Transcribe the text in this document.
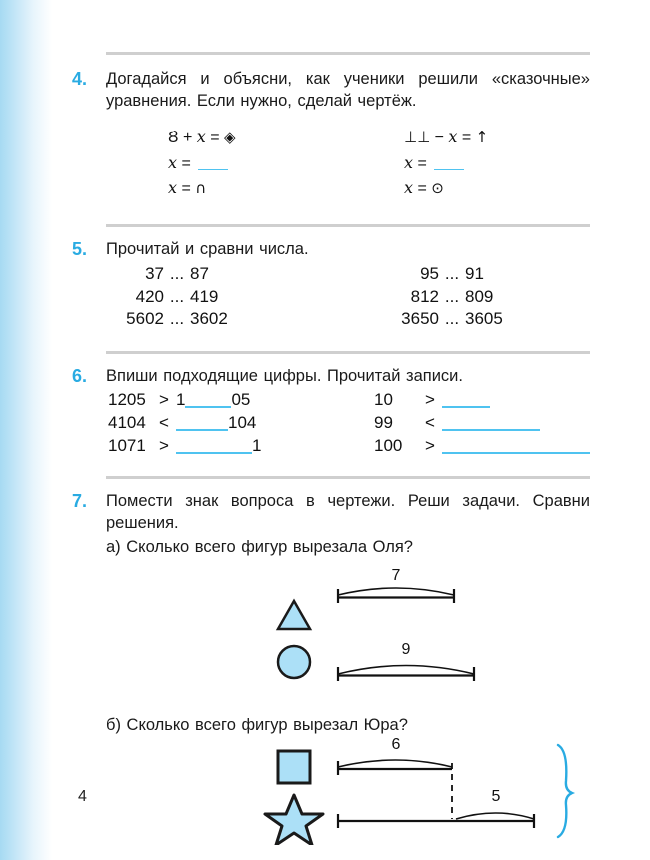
4. Догадайся и объясни, как ученики решили «сказочные» уравнения. Если нужно, сделай чертёж.
Ȣ + x = ◈
x =
x = ∩
⊥⊥ − x = ↑
x =
x = ⊙
5. Прочитай и сравни числа.
37 ... 87
420 ... 419
5602 ... 3602
95 ... 91
812 ... 809
3650 ... 3605
6. Впиши подходящие цифры. Прочитай записи.
1205 > 1	05
4104 <	104
1071 >	1
10 >
99 <
100 >
7. Помести знак вопроса в чертежи. Реши задачи. Сравни решения.
а) Сколько всего фигур вырезала Оля?
7
9
б) Сколько всего фигур вырезал Юра?
6
5
4
